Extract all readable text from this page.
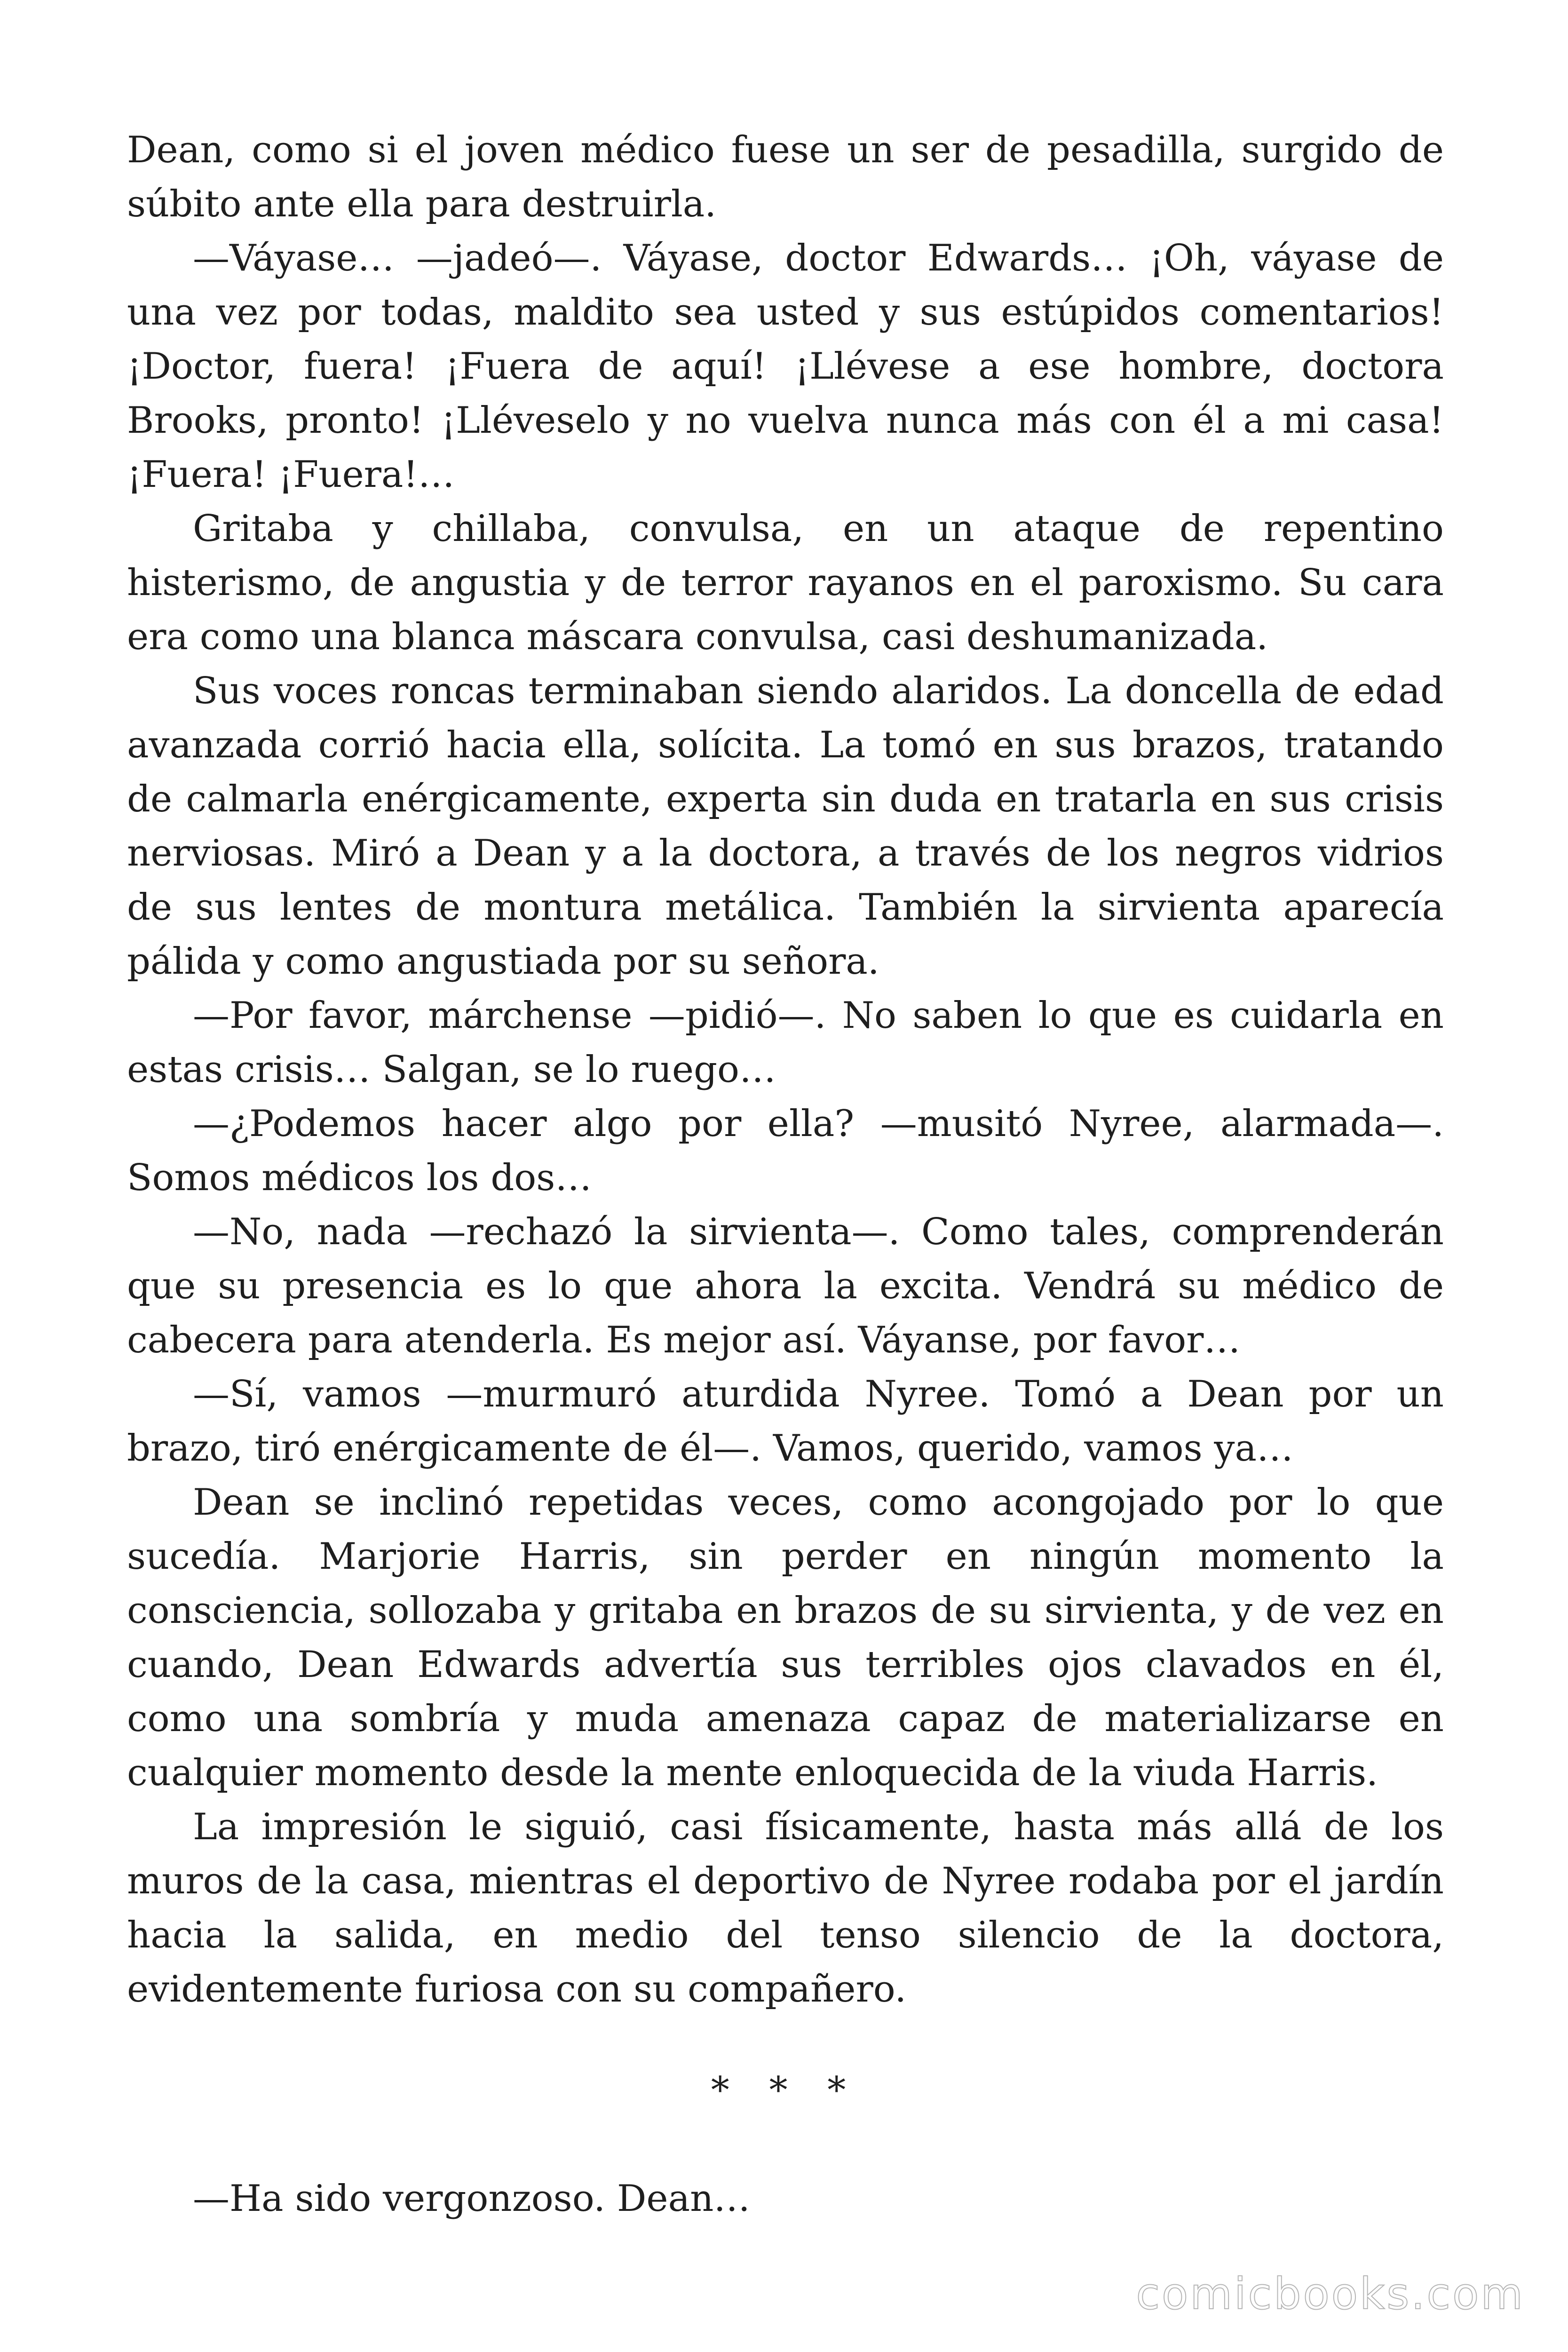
Dean, como si el joven médico fuese un ser de pesadilla, surgido de súbito ante ella para destruirla.

—Váyase… —jadeó—. Váyase, doctor Edwards… ¡Oh, váyase de una vez por todas, maldito sea usted y sus estúpidos comentarios! ¡Doctor, fuera! ¡Fuera de aquí! ¡Llévese a ese hombre, doctora Brooks, pronto! ¡Lléveselo y no vuelva nunca más con él a mi casa! ¡Fuera! ¡Fuera!…

Gritaba y chillaba, convulsa, en un ataque de repentino histerismo, de angustia y de terror rayanos en el paroxismo. Su cara era como una blanca máscara convulsa, casi deshumanizada.

Sus voces roncas terminaban siendo alaridos. La doncella de edad avanzada corrió hacia ella, solícita. La tomó en sus brazos, tratando de calmarla enérgicamente, experta sin duda en tratarla en sus crisis nerviosas. Miró a Dean y a la doctora, a través de los negros vidrios de sus lentes de montura metálica. También la sirvienta aparecía pálida y como angustiada por su señora.

—Por favor, márchense —pidió—. No saben lo que es cuidarla en estas crisis… Salgan, se lo ruego…

—¿Podemos hacer algo por ella? —musitó Nyree, alarmada—. Somos médicos los dos…

—No, nada —rechazó la sirvienta—. Como tales, comprenderán que su presencia es lo que ahora la excita. Vendrá su médico de cabecera para atenderla. Es mejor así. Váyanse, por favor…

—Sí, vamos —murmuró aturdida Nyree. Tomó a Dean por un brazo, tiró enérgicamente de él—. Vamos, querido, vamos ya…

Dean se inclinó repetidas veces, como acongojado por lo que sucedía. Marjorie Harris, sin perder en ningún momento la consciencia, sollozaba y gritaba en brazos de su sirvienta, y de vez en cuando, Dean Edwards advertía sus terribles ojos clavados en él, como una sombría y muda amenaza capaz de materializarse en cualquier momento desde la mente enloquecida de la viuda Harris.

La impresión le siguió, casi físicamente, hasta más allá de los muros de la casa, mientras el deportivo de Nyree rodaba por el jardín hacia la salida, en medio del tenso silencio de la doctora, evidentemente furiosa con su compañero.

* * *

—Ha sido vergonzoso. Dean…

comicbooks.com
